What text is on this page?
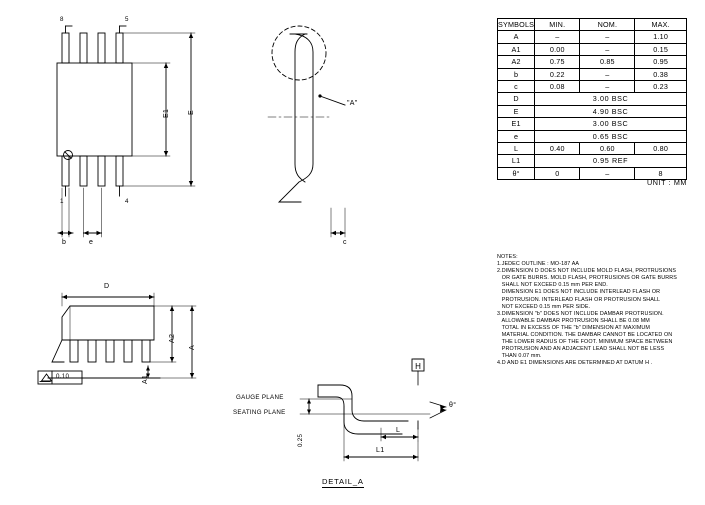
H
SYMBOLS	MIN.	NOM.	MAX.
A	–	–	1.10
A1	0.00	–	0.15
A2	0.75	0.85	0.95
b	0.22	–	0.38
c	0.08	–	0.23
D	3.00 BSC		
E	4.90 BSC		
E1	3.00 BSC		
e	0.65 BSC		
L	0.40	0.60	0.80
L1	0.95 REF		
θ°	0	–	8
UNIT : MM
NOTES:
1.JEDEC OUTLINE : MO-187 AA
2.DIMENSION D DOES NOT INCLUDE MOLD FLASH, PROTRUSIONS
OR GATE BURRS. MOLD FLASH, PROTRUSIONS OR GATE BURRS
SHALL NOT EXCEED 0.15 mm PER END.
DIMENSION E1 DOES NOT INCLUDE INTERLEAD FLASH OR
PROTRUSION. INTERLEAD FLASH OR PROTRUSION SHALL
NOT EXCEED 0.15 mm PER SIDE.
3.DIMENSION "b" DOES NOT INCLUDE DAMBAR PROTRUSION.
ALLOWABLE DAMBAR PROTRUSION SHALL BE 0.08 MM
TOTAL IN EXCESS OF THE "b" DIMENSION AT MAXIMUM
MATERIAL CONDITION. THE DAMBAR CANNOT BE LOCATED ON
THE LOWER RADIUS OF THE FOOT. MINIMUM SPACE BETWEEN
PROTRUSION AND AN ADJACENT LEAD SHALL NOT BE LESS
THAN 0.07 mm.
4.D AND E1 DIMENSIONS ARE DETERMINED AT DATUM H .
8	5
1	4
E1	E
b	e
D
A2
A
A1
0.10
"A"
c
GAUGE PLANE
SEATING PLANE
0.25
L
L1
θ°
DETAIL_A
